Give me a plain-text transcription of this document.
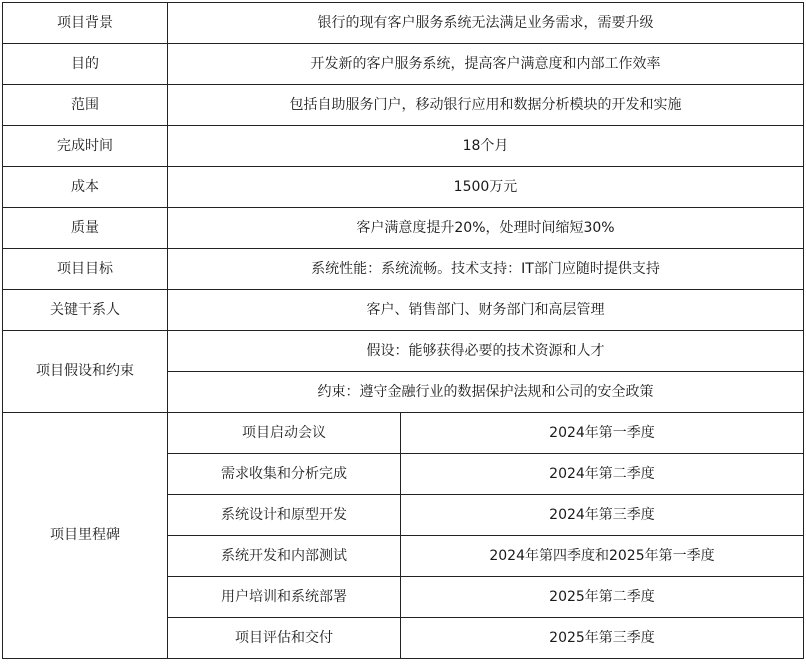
项目背景	银行的现有客户服务系统无法满足业务需求，需要升级	
目的	开发新的客户服务系统，提高客户满意度和内部工作效率	
范围	包括自助服务门户，移动银行应用和数据分析模块的开发和实施	
完成时间	18个月	
成本	1500万元	
质量	客户满意度提升20%，处理时间缩短30%	
项目目标	系统性能：系统流畅。技术支持：IT部门应随时提供支持	
关键干系人	客户、销售部门、财务部门和高层管理	
项目假设和约束	假设：能够获得必要的技术资源和人才	
	约束：遵守金融行业的数据保护法规和公司的安全政策	
项目里程碑	项目启动会议	2024年第一季度
	需求收集和分析完成	2024年第二季度
	系统设计和原型开发	2024年第三季度
	系统开发和内部测试	2024年第四季度和2025年第一季度
	用户培训和系统部署	2025年第二季度
	项目评估和交付	2025年第三季度
